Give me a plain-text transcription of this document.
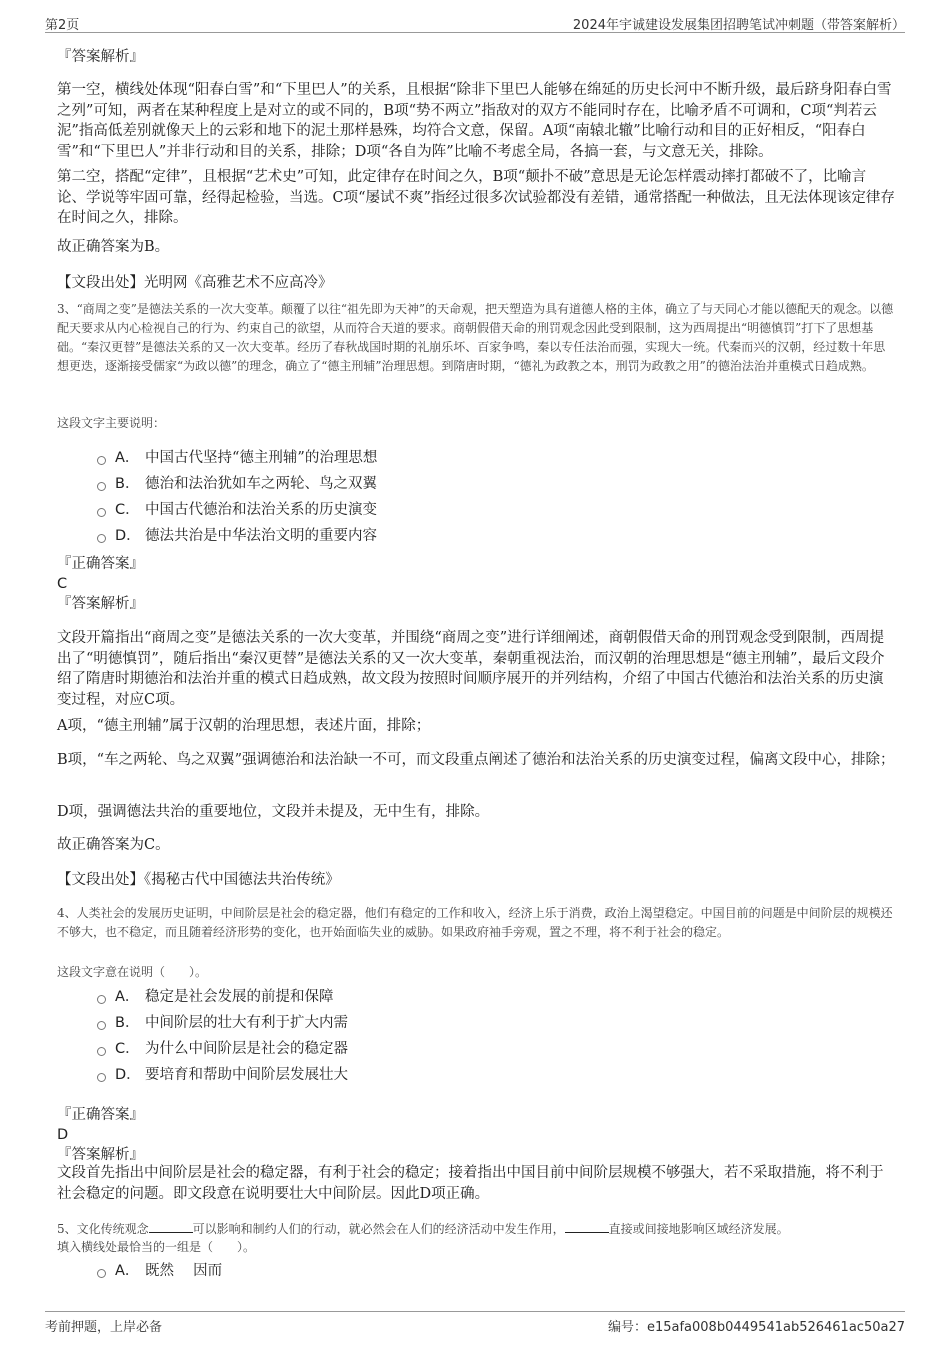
第2页	2024年宇诚建设发展集团招聘笔试冲刺题（带答案解析）
『答案解析』

第一空，横线处体现“阳春白雪”和“下里巴人”的关系，且根据“除非下里巴人能够在绵延的历史长河中不断升级，最后跻身阳春白雪之列”可知，两者在某种程度上是对立的或不同的，B项“势不两立”指敌对的双方不能同时存在，比喻矛盾不可调和，C项“判若云泥”指高低差别就像天上的云彩和地下的泥土那样悬殊，均符合文意，保留。A项“南辕北辙”比喻行动和目的正好相反，“阳春白雪”和“下里巴人”并非行动和目的关系，排除；D项“各自为阵”比喻不考虑全局，各搞一套，与文意无关，排除。

第二空，搭配“定律”，且根据“艺术史”可知，此定律存在时间之久，B项“颠扑不破”意思是无论怎样震动摔打都破不了，比喻言论、学说等牢固可靠，经得起检验，当选。C项“屡试不爽”指经过很多次试验都没有差错，通常搭配一种做法，且无法体现该定律存在时间之久，排除。

故正确答案为B。

【文段出处】光明网《高雅艺术不应高冷》

3、“商周之变”是德法关系的一次大变革。颠覆了以往“祖先即为天神”的天命观，把天塑造为具有道德人格的主体，确立了与天同心才能以德配天的观念。以德配天要求从内心检视自己的行为、约束自己的欲望，从而符合天道的要求。商朝假借天命的刑罚观念因此受到限制，这为西周提出“明德慎罚”打下了思想基础。“秦汉更替”是德法关系的又一次大变革。经历了春秋战国时期的礼崩乐坏、百家争鸣，秦以专任法治而强，实现大一统。代秦而兴的汉朝，经过数十年思想更迭，逐渐接受儒家“为政以德”的理念，确立了“德主刑辅”治理思想。到隋唐时期，“德礼为政教之本，刑罚为政教之用”的德治法治并重模式日趋成熟。

这段文字主要说明：

A． 中国古代坚持“德主刑辅”的治理思想
B． 德治和法治犹如车之两轮、鸟之双翼
C． 中国古代德治和法治关系的历史演变
D． 德法共治是中华法治文明的重要内容
『正确答案』
C
『答案解析』

文段开篇指出“商周之变”是德法关系的一次大变革，并围绕“商周之变”进行详细阐述，商朝假借天命的刑罚观念受到限制，西周提出了“明德慎罚”，随后指出“秦汉更替”是德法关系的又一次大变革，秦朝重视法治，而汉朝的治理思想是“德主刑辅”，最后文段介绍了隋唐时期德治和法治并重的模式日趋成熟，故文段为按照时间顺序展开的并列结构，介绍了中国古代德治和法治关系的历史演变过程，对应C项。

A项，“德主刑辅”属于汉朝的治理思想，表述片面，排除；

B项，“车之两轮、鸟之双翼”强调德治和法治缺一不可，而文段重点阐述了德治和法治关系的历史演变过程，偏离文段中心，排除；

D项，强调德法共治的重要地位，文段并未提及，无中生有，排除。

故正确答案为C。

【文段出处】《揭秘古代中国德法共治传统》

4、人类社会的发展历史证明，中间阶层是社会的稳定器，他们有稳定的工作和收入，经济上乐于消费，政治上渴望稳定。中国目前的问题是中间阶层的规模还不够大，也不稳定，而且随着经济形势的变化，也开始面临失业的威胁。如果政府袖手旁观，置之不理，将不利于社会的稳定。

这段文字意在说明（　　）。

A． 稳定是社会发展的前提和保障
B． 中间阶层的壮大有利于扩大内需
C． 为什么中间阶层是社会的稳定器
D． 要培育和帮助中间阶层发展壮大
『正确答案』
D
『答案解析』

文段首先指出中间阶层是社会的稳定器，有利于社会的稳定；接着指出中国目前中间阶层规模不够强大，若不采取措施，将不利于社会稳定的问题。即文段意在说明要壮大中间阶层。因此D项正确。

5、文化传统观念	可以影响和制约人们的行动，就必然会在人们的经济活动中发生作用，	直接或间接地影响区域经济发展。

填入横线处最恰当的一组是（　　）。

A． 既然　 因而
考前押题，上岸必备	编号：e15afa008b0449541ab526461ac50a27
